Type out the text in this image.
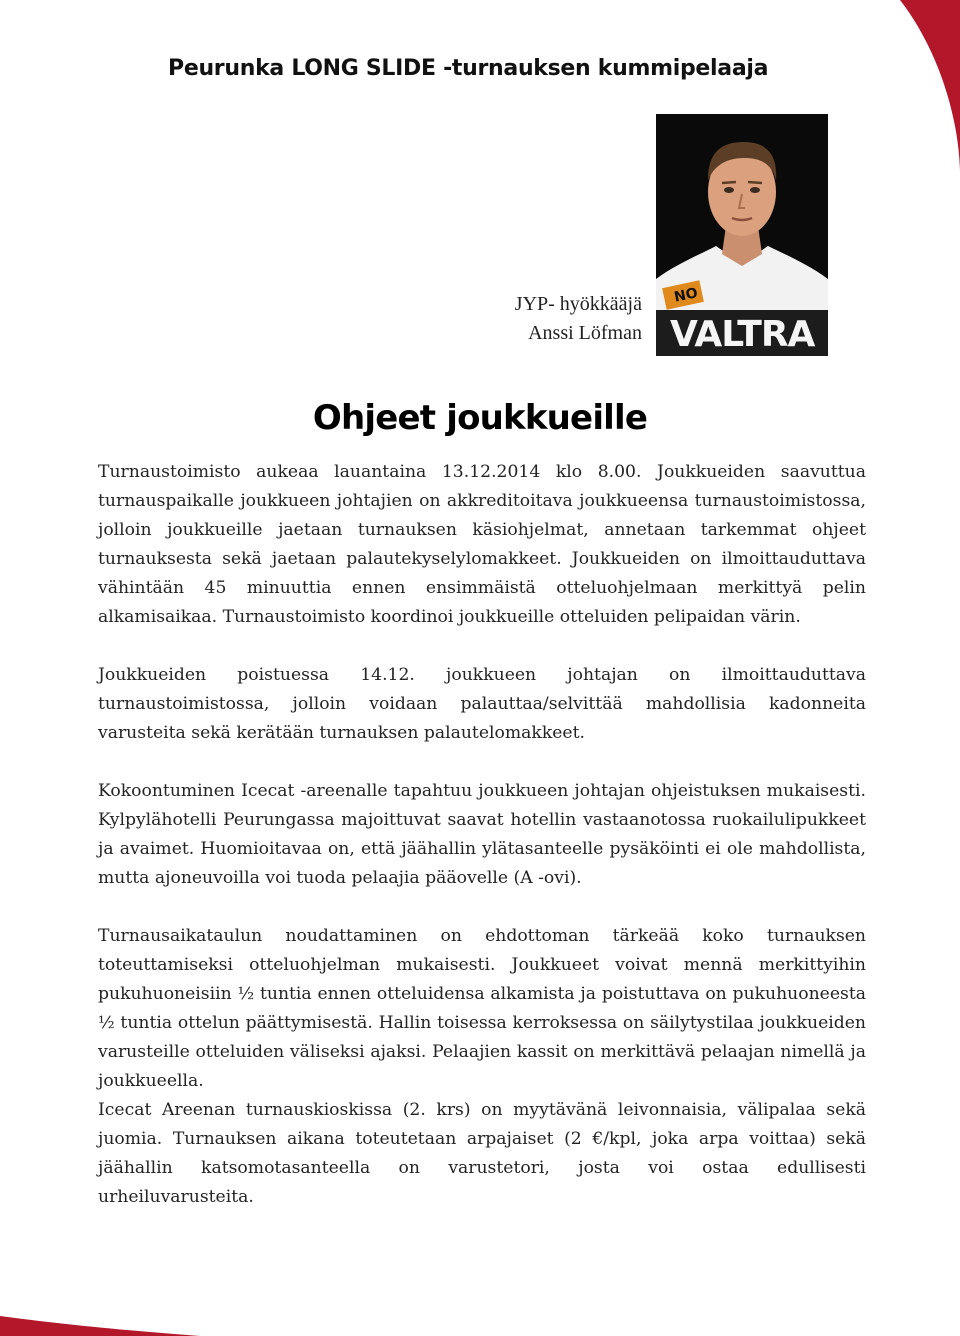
Peurunka LONG SLIDE -turnauksen kummipelaaja
NO
VALTRA
JYP- hyökkääjä
Anssi Löfman
Ohjeet joukkueille

Turnaustoimisto aukeaa lauantaina 13.12.2014 klo 8.00. Joukkueiden saavuttua turnauspaikalle joukkueen johtajien on akkreditoitava joukkueensa turnaustoimistossa, jolloin joukkueille jaetaan turnauksen käsiohjelmat, annetaan tarkemmat ohjeet turnauksesta sekä jaetaan palautekyselylomakkeet. Joukkueiden on ilmoittauduttava vähintään 45 minuuttia ennen ensimmäistä otteluohjelmaan merkittyä pelin alkamisaikaa. Turnaustoimisto koordinoi joukkueille otteluiden pelipaidan värin.

Joukkueiden poistuessa 14.12. joukkueen johtajan on ilmoittauduttava turnaustoimistossa, jolloin voidaan palauttaa/selvittää mahdollisia kadonneita varusteita sekä kerätään turnauksen palautelomakkeet.

Kokoontuminen Icecat -areenalle tapahtuu joukkueen johtajan ohjeistuksen mukaisesti. Kylpylähotelli Peurungassa majoittuvat saavat hotellin vastaanotossa ruokailulipukkeet ja avaimet. Huomioitavaa on, että jäähallin ylätasanteelle pysäköinti ei ole mahdollista, mutta ajoneuvoilla voi tuoda pelaajia pääovelle (A -ovi).

Turnausaikataulun noudattaminen on ehdottoman tärkeää koko turnauksen toteuttamiseksi otteluohjelman mukaisesti. Joukkueet voivat mennä merkittyihin pukuhuoneisiin ½ tuntia ennen otteluidensa alkamista ja poistuttava on pukuhuoneesta ½ tuntia ottelun päättymisestä. Hallin toisessa kerroksessa on säilytystilaa joukkueiden varusteille otteluiden väliseksi ajaksi. Pelaajien kassit on merkittävä pelaajan nimellä ja joukkueella.

Icecat Areenan turnauskioskissa (2. krs) on myytävänä leivonnaisia, välipalaa sekä juomia. Turnauksen aikana toteutetaan arpajaiset (2 €/kpl, joka arpa voittaa) sekä jäähallin katsomotasanteella on varustetori, josta voi ostaa edullisesti urheiluvarusteita.
